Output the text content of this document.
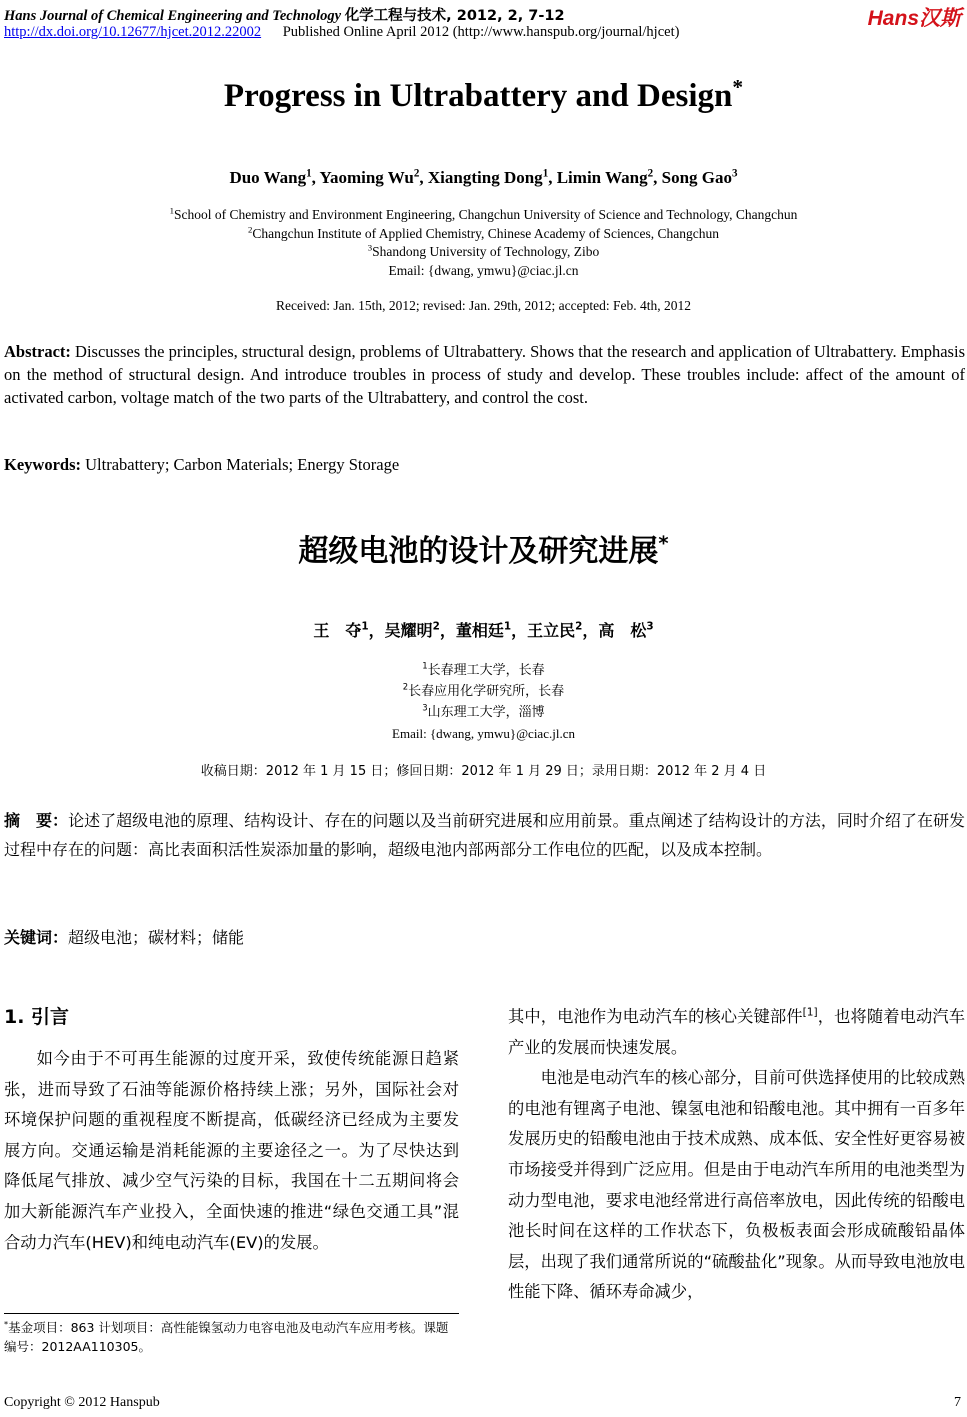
Hans Journal of Chemical Engineering and Technology 化学工程与技术, 2012, 2, 7-12
http://dx.doi.org/10.12677/hjcet.2012.22002 Published Online April 2012 (http://www.hanspub.org/journal/hjcet)
Hans汉斯
Progress in Ultrabattery and Design*
Duo Wang$^1$, Yaoming Wu$^2$, Xiangting Dong$^1$, Limin Wang$^2$, Song Gao$^3$
$^1$School of Chemistry and Environment Engineering, Changchun University of Science and Technology, Changchun
$^2$Changchun Institute of Applied Chemistry, Chinese Academy of Sciences, Changchun
$^3$Shandong University of Technology, Zibo
Email: {dwang, ymwu}@ciac.jl.cn
Received: Jan. 15th, 2012; revised: Jan. 29th, 2012; accepted: Feb. 4th, 2012
Abstract: Discusses the principles, structural design, problems of Ultrabattery. Shows that the research and application of Ultrabattery. Emphasis on the method of structural design. And introduce troubles in process of study and develop. These troubles include: affect of the amount of activated carbon, voltage match of the two parts of the Ultrabattery, and control the cost.
Keywords: Ultrabattery; Carbon Materials; Energy Storage
超级电池的设计及研究进展*
王　夺$^1$，吴耀明$^2$，董相廷$^1$，王立民$^2$，高　松$^3$
$^1$长春理工大学，长春
$^2$长春应用化学研究所，长春
$^3$山东理工大学，淄博
Email: {dwang, ymwu}@ciac.jl.cn
收稿日期：2012 年 1 月 15 日；修回日期：2012 年 1 月 29 日；录用日期：2012 年 2 月 4 日
摘　要：论述了超级电池的原理、结构设计、存在的问题以及当前研究进展和应用前景。重点阐述了结构设计的方法，同时介绍了在研发过程中存在的问题：高比表面积活性炭添加量的影响，超级电池内部两部分工作电位的匹配，以及成本控制。
关键词：超级电池；碳材料；储能
1. 引言
如今由于不可再生能源的过度开采，致使传统能源日趋紧张，进而导致了石油等能源价格持续上涨；另外，国际社会对环境保护问题的重视程度不断提高，低碳经济已经成为主要发展方向。交通运输是消耗能源的主要途径之一。为了尽快达到降低尾气排放、减少空气污染的目标，我国在十二五期间将会加大新能源汽车产业投入，全面快速的推进“绿色交通工具”混合动力汽车(HEV)和纯电动汽车(EV)的发展。
其中，电池作为电动汽车的核心关键部件[1]，也将随着电动汽车产业的发展而快速发展。
电池是电动汽车的核心部分，目前可供选择使用的比较成熟的电池有锂离子电池、镍氢电池和铅酸电池。其中拥有一百多年发展历史的铅酸电池由于技术成熟、成本低、安全性好更容易被市场接受并得到广泛应用。但是由于电动汽车所用的电池类型为动力型电池，要求电池经常进行高倍率放电，因此传统的铅酸电池长时间在这样的工作状态下，负极板表面会形成硫酸铅晶体层，出现了我们通常所说的“硫酸盐化”现象。从而导致电池放电性能下降、循环寿命减少，
*基金项目：863 计划项目：高性能镍氢动力电容电池及电动汽车应用考核。课题编号：2012AA110305。
Copyright © 2012 Hanspub	7
